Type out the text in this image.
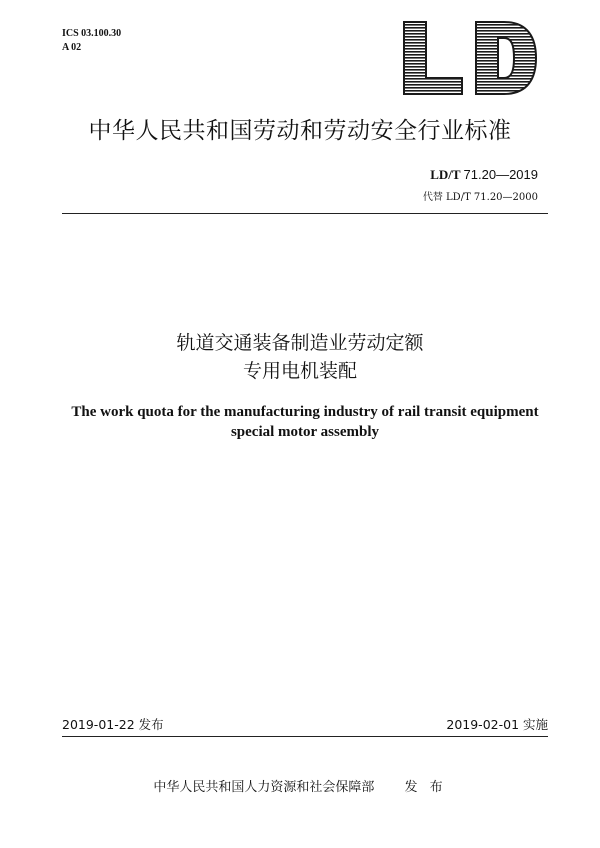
ICS 03.100.30
A 02
中华人民共和国劳动和劳动安全行业标准
LD/T 71.20—2019
代替 LD/T 71.20—2000
轨道交通装备制造业劳动定额
专用电机装配
The work quota for the manufacturing industry of rail transit equipment
special motor assembly
2019-01-22 发布	2019-02-01 实施
中华人民共和国人力资源和社会保障部 发 布
